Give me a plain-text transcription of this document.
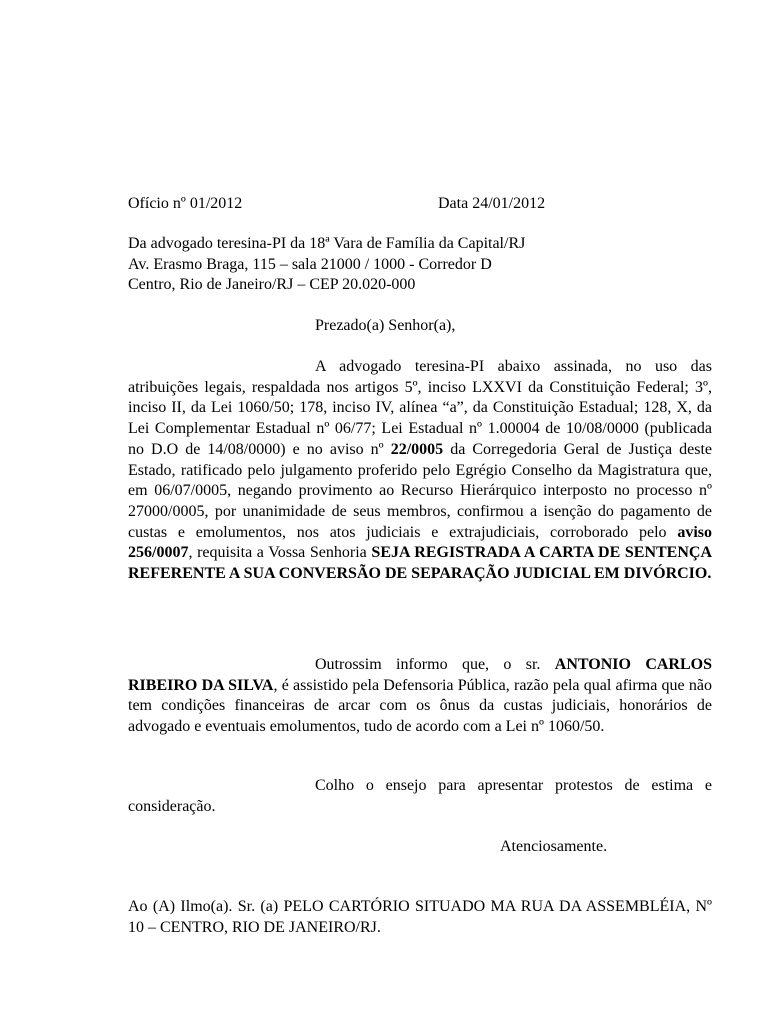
Ofício nº 01/2012	Data 24/01/2012
Da advogado teresina-PI da 18ª Vara de Família da Capital/RJ
Av. Erasmo Braga, 115 – sala 21000 / 1000 - Corredor D
Centro, Rio de Janeiro/RJ – CEP 20.020-000
Prezado(a) Senhor(a),
A advogado teresina-PI abaixo assinada, no uso das atribuições legais, respaldada nos artigos 5º, inciso LXXVI da Constituição Federal; 3º, inciso II, da Lei 1060/50; 178, inciso IV, alínea “a”, da Constituição Estadual; 128, X, da Lei Complementar Estadual nº 06/77; Lei Estadual nº 1.00004 de 10/08/0000 (publicada no D.O de 14/08/0000) e no aviso nº 22/0005 da Corregedoria Geral de Justiça deste Estado, ratificado pelo julgamento proferido pelo Egrégio Conselho da Magistratura que, em 06/07/0005, negando provimento ao Recurso Hierárquico interposto no processo nº 27000/0005, por unanimidade de seus membros, confirmou a isenção do pagamento de custas e emolumentos, nos atos judiciais e extrajudiciais, corroborado pelo aviso 256/0007, requisita a Vossa Senhoria SEJA REGISTRADA A CARTA DE SENTENÇA REFERENTE A SUA CONVERSÃO DE SEPARAÇÃO JUDICIAL EM DIVÓRCIO.
Outrossim informo que, o sr. ANTONIO CARLOS RIBEIRO DA SILVA, é assistido pela Defensoria Pública, razão pela qual afirma que não tem condições financeiras de arcar com os ônus da custas judiciais, honorários de advogado e eventuais emolumentos, tudo de acordo com a Lei nº 1060/50.
Colho o ensejo para apresentar protestos de estima e consideração.
Atenciosamente.
Ao (A) Ilmo(a). Sr. (a) PELO CARTÓRIO SITUADO MA RUA DA ASSEMBLÉIA, Nº 10 – CENTRO, RIO DE JANEIRO/RJ.
